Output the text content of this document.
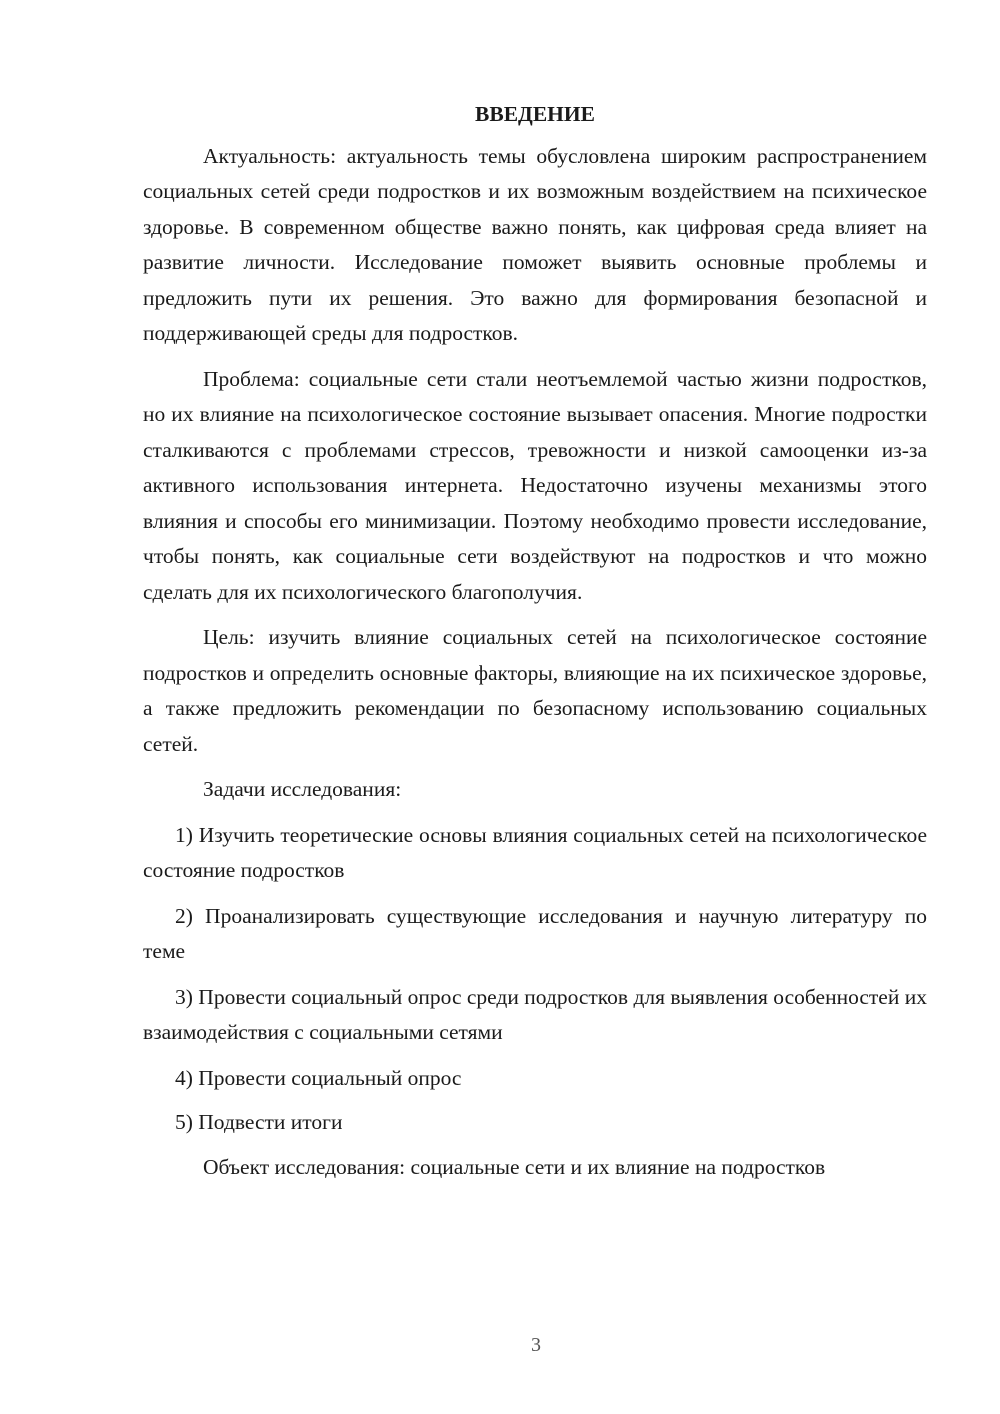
ВВЕДЕНИЕ

Актуальность: актуальность темы обусловлена широким распространением социальных сетей среди подростков и их возможным воздействием на психическое здоровье. В современном обществе важно понять, как цифровая среда влияет на развитие личности. Исследование поможет выявить основные проблемы и предложить пути их решения. Это важно для формирования безопасной и поддерживающей среды для подростков.

Проблема: социальные сети стали неотъемлемой частью жизни подростков, но их влияние на психологическое состояние вызывает опасения. Многие подростки сталкиваются с проблемами стрессов, тревожности и низкой самооценки из-за активного использования интернета. Недостаточно изучены механизмы этого влияния и способы его минимизации. Поэтому необходимо провести исследование, чтобы понять, как социальные сети воздействуют на подростков и что можно сделать для их психологического благополучия.

Цель: изучить влияние социальных сетей на психологическое состояние подростков и определить основные факторы, влияющие на их психическое здоровье, а также предложить рекомендации по безопасному использованию социальных сетей.

Задачи исследования:

1) Изучить теоретические основы влияния социальных сетей на психологическое состояние подростков

2) Проанализировать существующие исследования и научную литературу по теме

3) Провести социальный опрос среди подростков для выявления особенностей их взаимодействия с социальными сетями

4) Провести социальный опрос

5) Подвести итоги

Объект исследования: социальные сети и их влияние на подростков

3
